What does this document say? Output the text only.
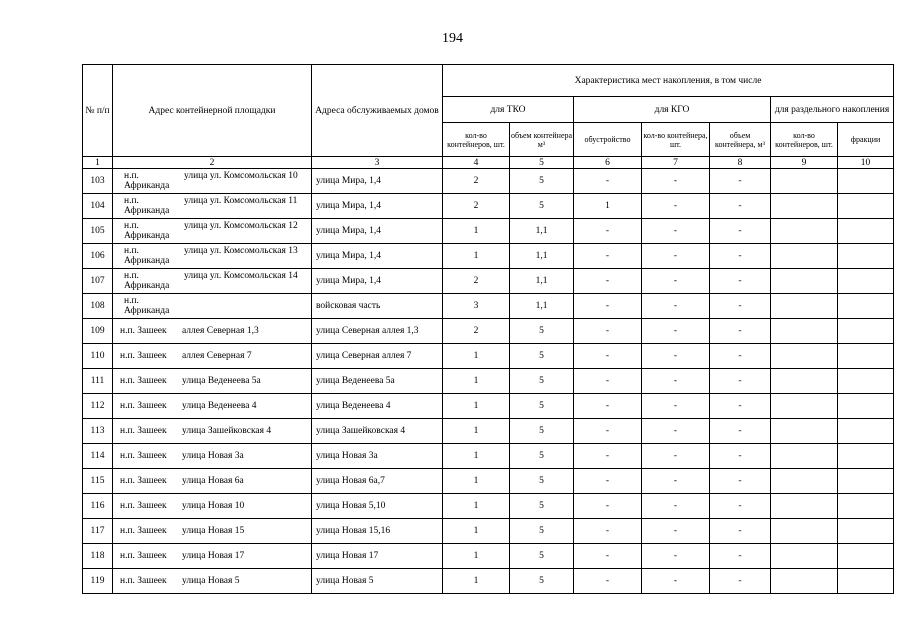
194
№ п/п	Адрес контейнерной площадки	Адреса обслуживаемых домов	Характеристика мест накопления, в том числе						
			для ТКО		для КГО			для раздельного накопления	
			кол-во контейнеров, шт.	объем контейнера м³	обустройство	кол-во контейнера, шт.	объем контейнера, м³	кол-во контейнеров, шт.	фракции
1	2	3	4	5	6	7	8	9	10
103	н.п.
Африканда
улица ул. Комсомольская 10	улица Мира, 1,4	2	5	-	-	-		
104	н.п.
Африканда
улица ул. Комсомольская 11	улица Мира, 1,4	2	5	1	-	-		
105	н.п.
Африканда
улица ул. Комсомольская 12	улица Мира, 1,4	1	1,1	-	-	-		
106	н.п.
Африканда
улица ул. Комсомольская 13	улица Мира, 1,4	1	1,1	-	-	-		
107	н.п.
Африканда
улица ул. Комсомольская 14	улица Мира, 1,4	2	1,1	-	-	-		
108	н.п.
Африканда	войсковая часть	3	1,1	-	-	-		
109	н.п. Зашеек аллея Северная 1,3	улица Северная аллея 1,3	2	5	-	-	-		
110	н.п. Зашеек аллея Северная 7	улица Северная аллея 7	1	5	-	-	-		
111	н.п. Зашеек улица Веденеева 5а	улица Веденеева 5а	1	5	-	-	-		
112	н.п. Зашеек улица Веденеева 4	улица Веденеева 4	1	5	-	-	-		
113	н.п. Зашеек улица Зашейковская 4	улица Зашейковская 4	1	5	-	-	-		
114	н.п. Зашеек улица Новая 3а	улица Новая 3а	1	5	-	-	-		
115	н.п. Зашеек улица Новая 6а	улица Новая 6а,7	1	5	-	-	-		
116	н.п. Зашеек улица Новая 10	улица Новая 5,10	1	5	-	-	-		
117	н.п. Зашеек улица Новая 15	улица Новая 15,16	1	5	-	-	-		
118	н.п. Зашеек улица Новая 17	улица Новая 17	1	5	-	-	-		
119	н.п. Зашеек улица Новая 5	улица Новая 5	1	5	-	-	-		
